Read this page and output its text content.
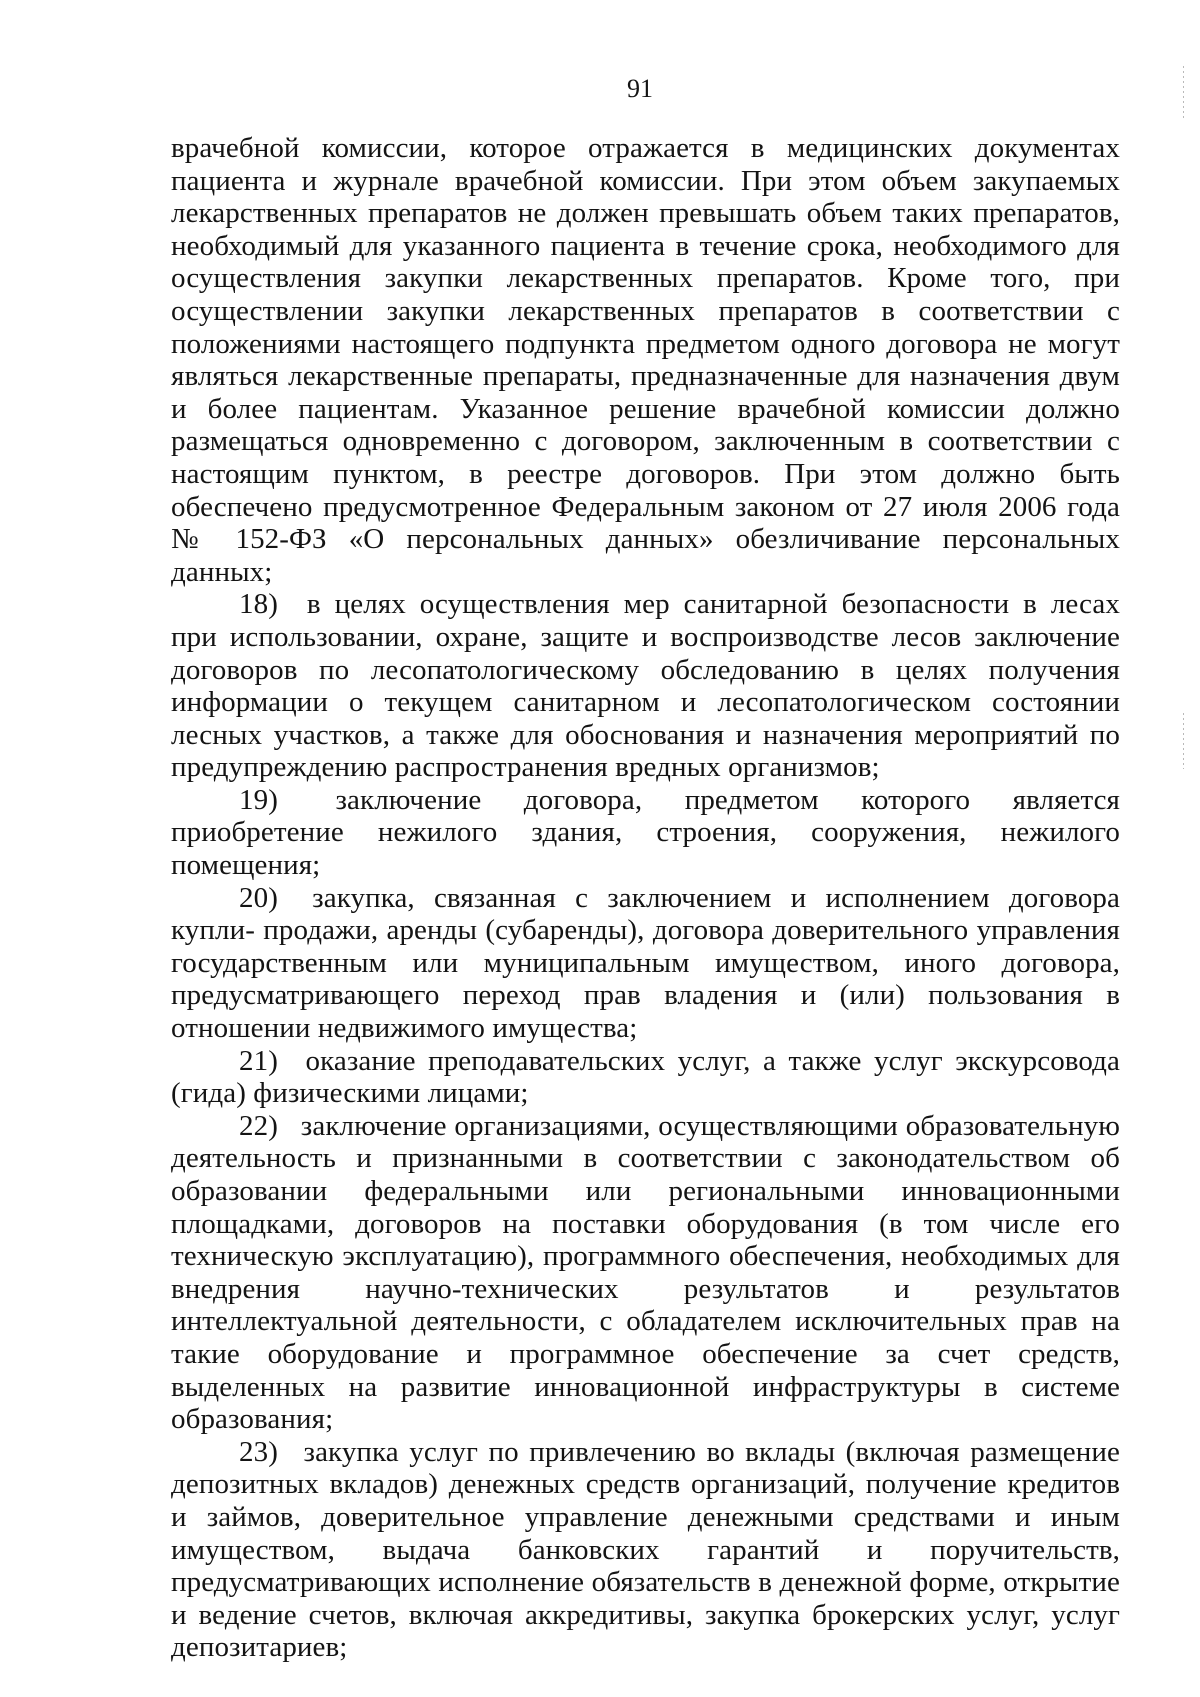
91

врачебной комиссии, которое отражается в медицинских документах пациента и журнале врачебной комиссии. При этом объем закупаемых лекарственных препаратов не должен превышать объем таких препаратов, необходимый для указанного пациента в течение срока, необходимого для осуществления закупки лекарственных препаратов. Кроме того, при осуществлении закупки лекарственных препаратов в соответствии с положениями настоящего подпункта предметом одного договора не могут являться лекарственные препараты, предназначенные для назначения двум и более пациентам. Указанное решение врачебной комиссии должно размещаться одновременно с договором, заключенным в соответствии с настоящим пунктом, в реестре договоров. При этом должно быть обеспечено предусмотренное Федеральным законом от 27 июля 2006 года № 152-ФЗ «О персональных данных» обезличивание персональных данных;

18) в целях осуществления мер санитарной безопасности в лесах при использовании, охране, защите и воспроизводстве лесов заключение договоров по лесопатологическому обследованию в целях получения информации о текущем санитарном и лесопатологическом состоянии лесных участков, а также для обоснования и назначения мероприятий по предупреждению распространения вредных организмов;

19) заключение договора, предметом которого является приобретение нежилого здания, строения, сооружения, нежилого помещения;

20) закупка, связанная с заключением и исполнением договора купли- продажи, аренды (субаренды), договора доверительного управления государственным или муниципальным имуществом, иного договора, предусматривающего переход прав владения и (или) пользования в отношении недвижимого имущества;

21) оказание преподавательских услуг, а также услуг экскурсовода (гида) физическими лицами;

22) заключение организациями, осуществляющими образовательную деятельность и признанными в соответствии с законодательством об образовании федеральными или региональными инновационными площадками, договоров на поставки оборудования (в том числе его техническую эксплуатацию), программного обеспечения, необходимых для внедрения научно-технических результатов и результатов интеллектуальной деятельности, с обладателем исключительных прав на такие оборудование и программное обеспечение за счет средств, выделенных на развитие инновационной инфраструктуры в системе образования;

23) закупка услуг по привлечению во вклады (включая размещение депозитных вкладов) денежных средств организаций, получение кредитов и займов, доверительное управление денежными средствами и иным имуществом, выдача банковских гарантий и поручительств, предусматривающих исполнение обязательств в денежной форме, открытие и ведение счетов, включая аккредитивы, закупка брокерских услуг, услуг депозитариев;
